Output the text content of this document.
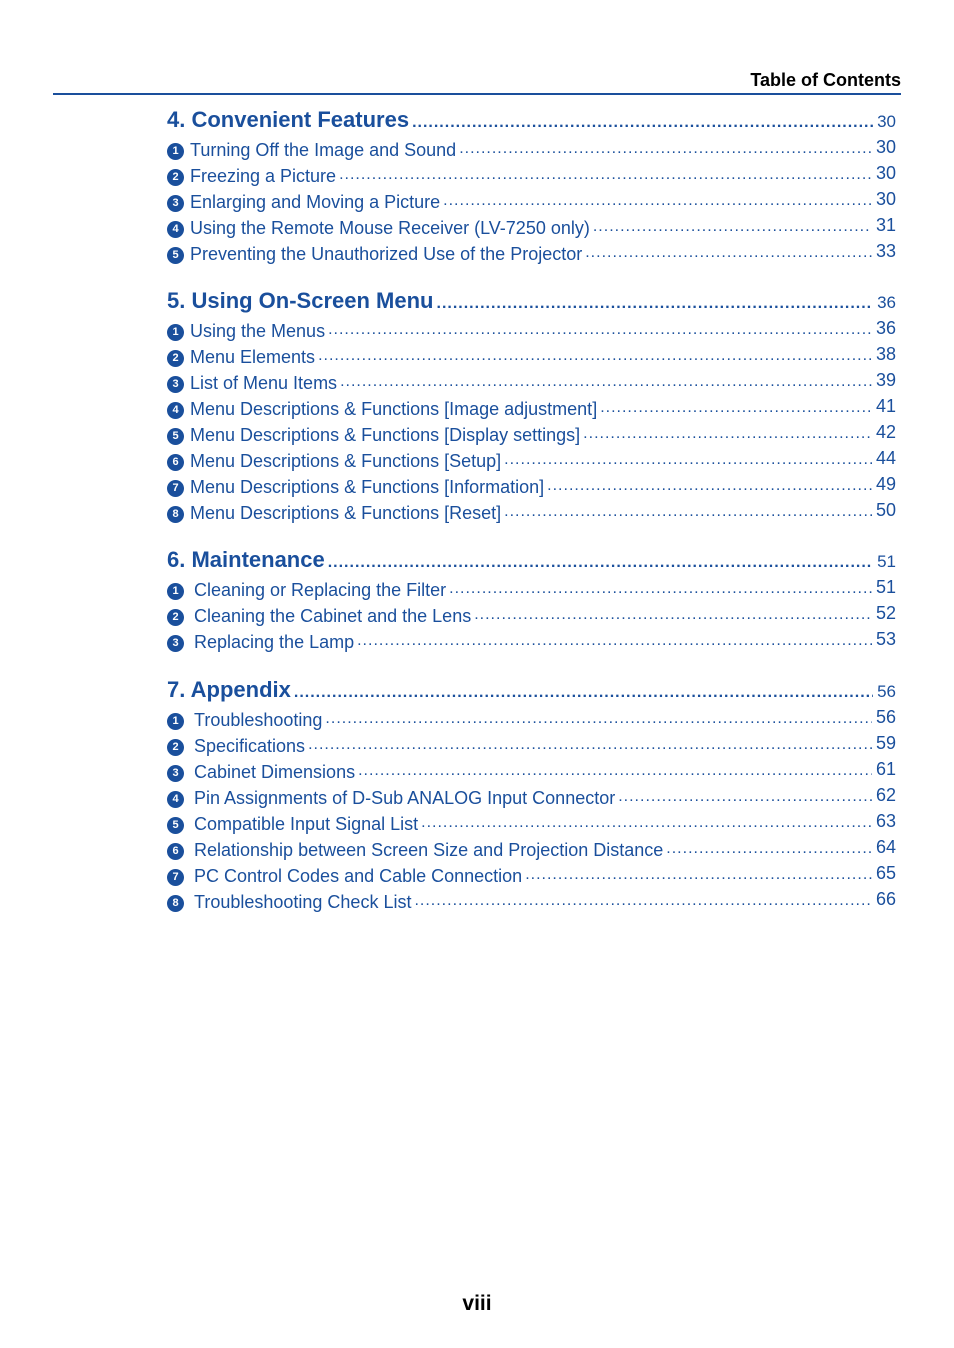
Table of Contents
4. Convenient Features .....	30
1 Turning Off the Image and Sound .....	30
2 Freezing a Picture .....	30
3 Enlarging and Moving a Picture .....	30
4 Using the Remote Mouse Receiver (LV-7250 only) .....	31
5 Preventing the Unauthorized Use of the Projector .....	33
5. Using On-Screen Menu .....	36
1 Using the Menus .....	36
2 Menu Elements .....	38
3 List of Menu Items .....	39
4 Menu Descriptions & Functions [Image adjustment] .....	41
5 Menu Descriptions & Functions [Display settings] .....	42
6 Menu Descriptions & Functions [Setup] .....	44
7 Menu Descriptions & Functions [Information] .....	49
8 Menu Descriptions & Functions [Reset] .....	50
6. Maintenance .....	51
1 Cleaning or Replacing the Filter .....	51
2 Cleaning the Cabinet and the Lens .....	52
3 Replacing the Lamp .....	53
7. Appendix .....	56
1 Troubleshooting .....	56
2 Specifications .....	59
3 Cabinet Dimensions .....	61
4 Pin Assignments of D-Sub ANALOG Input Connector .....	62
5 Compatible Input Signal List .....	63
6 Relationship between Screen Size and Projection Distance .....	64
7 PC Control Codes and Cable Connection .....	65
8 Troubleshooting Check List .....	66
viii
